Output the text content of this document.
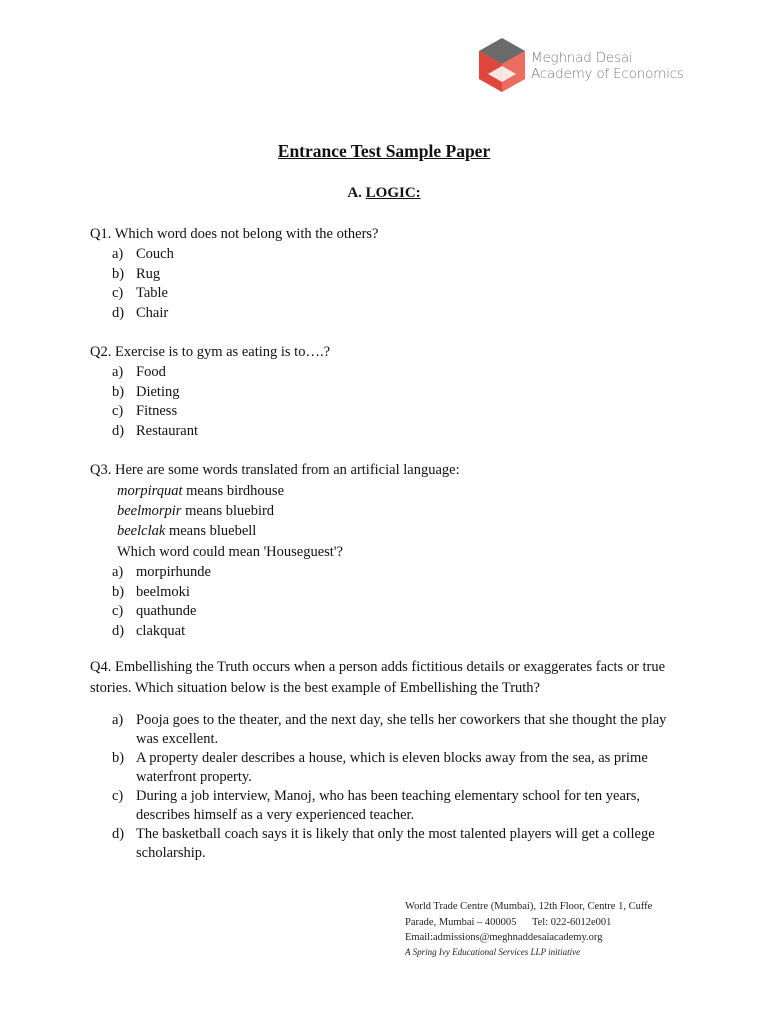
Meghnad Desai
Academy of Economics
Entrance Test Sample Paper
A. LOGIC:
Q1. Which word does not belong with the others?
a) Couch
b) Rug
c) Table
d) Chair
Q2. Exercise is to gym as eating is to….?
a) Food
b) Dieting
c) Fitness
d) Restaurant
Q3. Here are some words translated from an artificial language:
morpirquat means birdhouse
beelmorpir means bluebird
beelclak means bluebell
Which word could mean 'Houseguest'?
a) morpirhunde
b) beelmoki
c) quathunde
d) clakquat
Q4. Embellishing the Truth occurs when a person adds fictitious details or exaggerates facts or true stories. Which situation below is the best example of Embellishing the Truth?
a) Pooja goes to the theater, and the next day, she tells her coworkers that she thought the play was excellent.
b) A property dealer describes a house, which is eleven blocks away from the sea, as prime waterfront property.
c) During a job interview, Manoj, who has been teaching elementary school for ten years, describes himself as a very experienced teacher.
d) The basketball coach says it is likely that only the most talented players will get a college scholarship.
World Trade Centre (Mumbai), 12th Floor, Centre 1, Cuffe
Parade, Mumbai – 400005      Tel: 022-6012e001
Email:admissions@meghnaddesaiacademy.org
A Spring Ivy Educational Services LLP initiative
